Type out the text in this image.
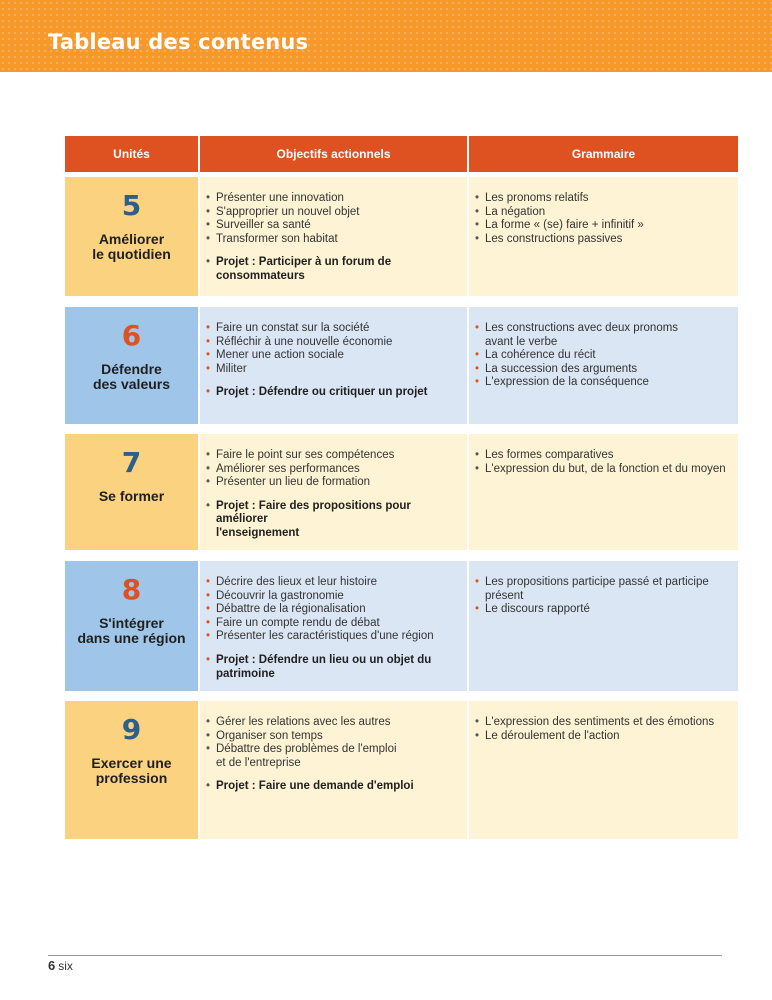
Tableau des contenus
Unités	Objectifs actionnels	Grammaire
5
Améliorer
le quotidien
• Présenter une innovation
• S'approprier un nouvel objet
• Surveiller sa santé
• Transformer son habitat
• Projet : Participer à un forum de consommateurs
• Les pronoms relatifs
• La négation
• La forme « (se) faire + infinitif »
• Les constructions passives
6
Défendre
des valeurs
• Faire un constat sur la société
• Réfléchir à une nouvelle économie
• Mener une action sociale
• Militer
• Projet : Défendre ou critiquer un projet
• Les constructions avec deux pronoms
avant le verbe
• La cohérence du récit
• La succession des arguments
• L'expression de la conséquence
7
Se former
• Faire le point sur ses compétences
• Améliorer ses performances
• Présenter un lieu de formation
• Projet : Faire des propositions pour améliorer
l'enseignement
• Les formes comparatives
• L'expression du but, de la fonction et du moyen
8
S'intégrer
dans une région
• Décrire des lieux et leur histoire
• Découvrir la gastronomie
• Débattre de la régionalisation
• Faire un compte rendu de débat
• Présenter les caractéristiques d'une région
• Projet : Défendre un lieu ou un objet du patrimoine
• Les propositions participe passé et participe présent
• Le discours rapporté
9
Exercer une
profession
• Gérer les relations avec les autres
• Organiser son temps
• Débattre des problèmes de l'emploi
et de l'entreprise
• Projet : Faire une demande d'emploi
• L'expression des sentiments et des émotions
• Le déroulement de l'action
6 six
